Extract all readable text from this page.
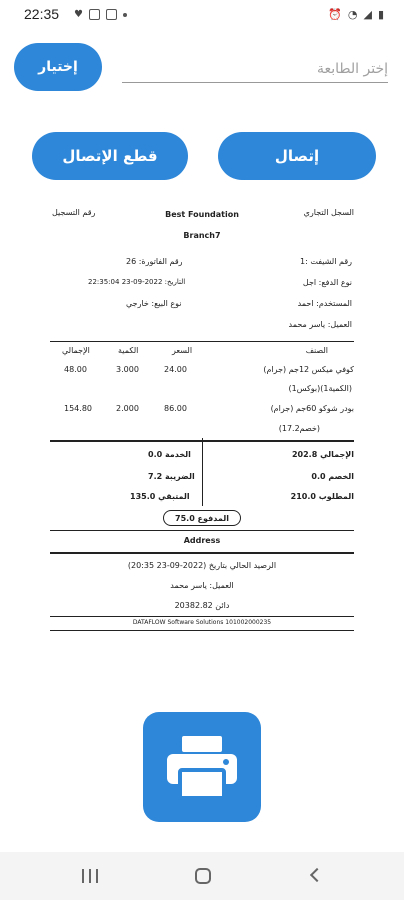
22:35 ♥	⏰ ◔ ◢ ▮
إختيار
إختر الطابعة
قطع الإتصال	إتصال
السجل التجاري
Best Foundation
رقم التسجيل
Branch7
رقم الشيفت :1
رقم الفاتورة: 26
نوع الدفع: اجل
التاريخ: 2022-09-23 22:35:04
المستخدم: احمد
نوع البيع: خارجي
العميل: ياسر محمد
الصنف
السعر
الكمية
الإجمالي
كوفي ميكس 12جم (جرام)
24.00
3.000
48.00
(الكمية1)(بوكس1)
بودر شوكو 60جم (جرام)
86.00
2.000
154.80
(خصم17.2)
الإجمالي 202.8
الخدمة 0.0
الخصم 0.0
الضريبة 7.2
المطلوب 210.0
المتبقي 135.0
المدفوع 75.0
Address
الرصيد الحالي بتاريخ (2022-09-23 20:35)
العميل: ياسر محمد
دائن 20382.82
DATAFLOW Software Solutions 101002000235
